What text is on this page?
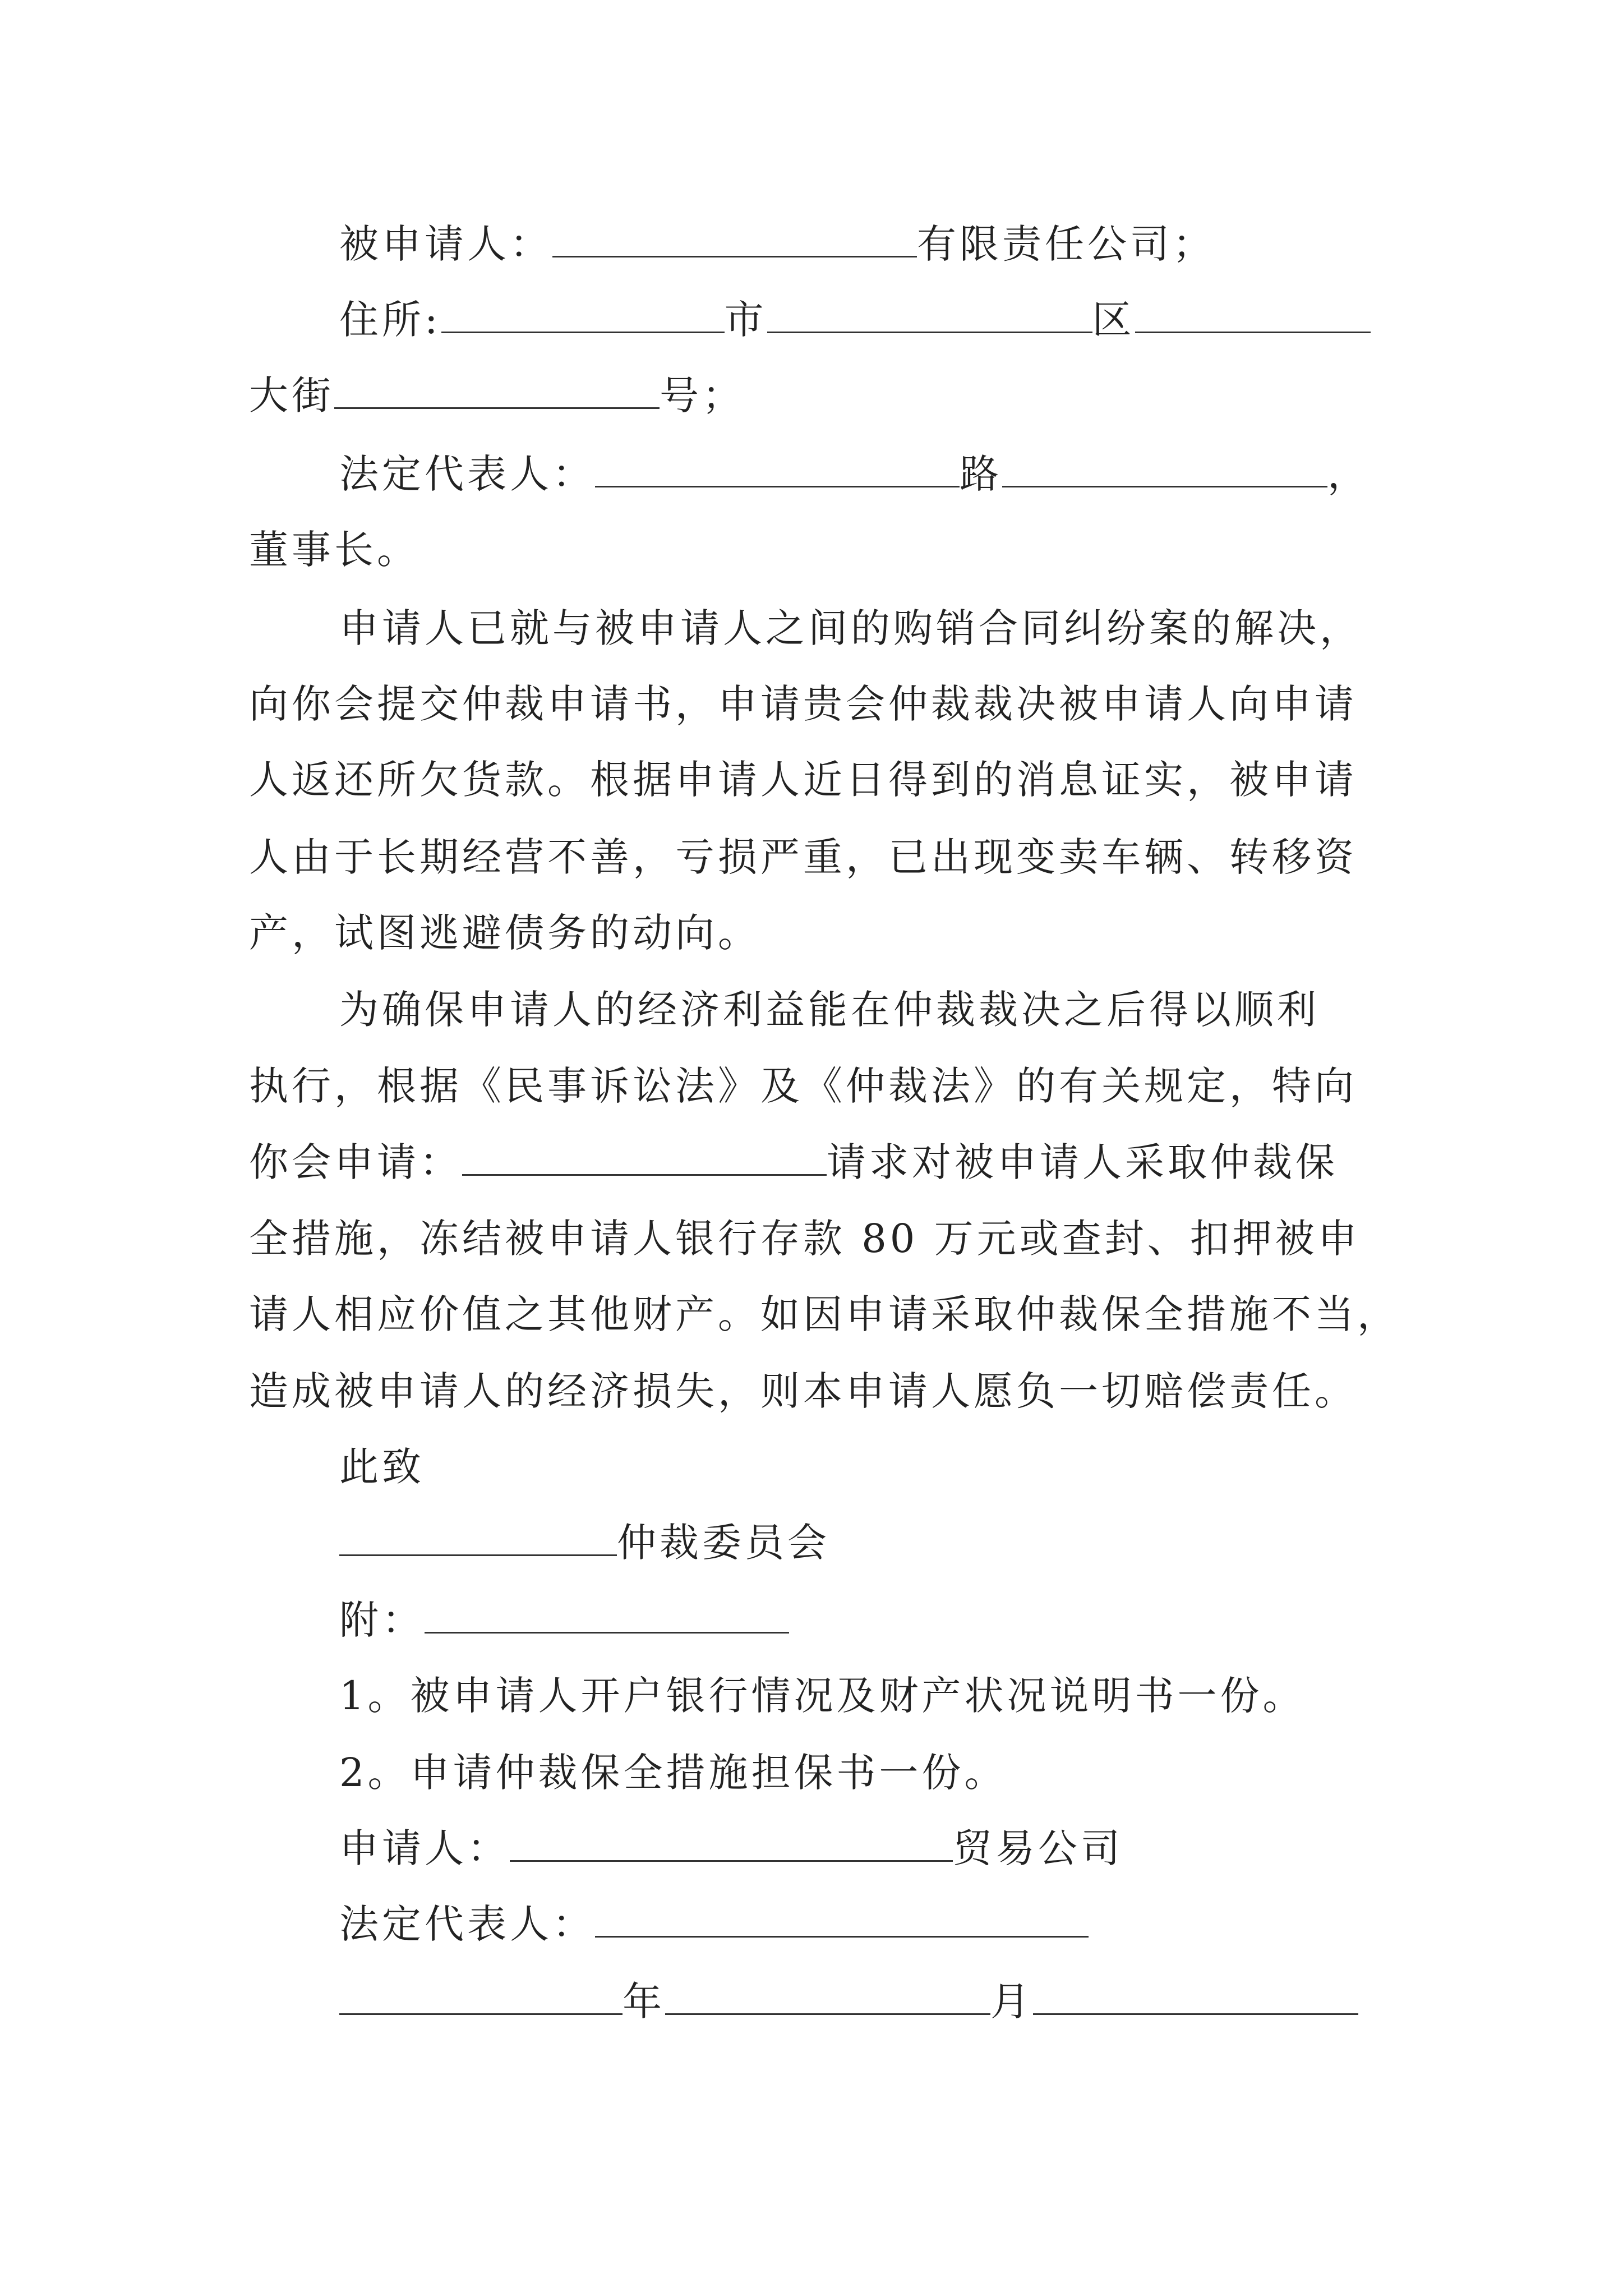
被申请人：	有限责任公司；
住所:	市	区
大街	号；
法定代表人：	路	，
董事长。
申请人已就与被申请人之间的购销合同纠纷案的解决，
向你会提交仲裁申请书，申请贵会仲裁裁决被申请人向申请
人返还所欠货款。根据申请人近日得到的消息证实，被申请
人由于长期经营不善，亏损严重，已出现变卖车辆、转移资
产，试图逃避债务的动向。
为确保申请人的经济利益能在仲裁裁决之后得以顺利
执行，根据《民事诉讼法》及《仲裁法》的有关规定，特向
你会申请：	请求对被申请人采取仲裁保
全措施，冻结被申请人银行存款 80 万元或查封、扣押被申
请人相应价值之其他财产。如因申请采取仲裁保全措施不当，
造成被申请人的经济损失，则本申请人愿负一切赔偿责任。
此致
仲裁委员会
附：
1。被申请人开户银行情况及财产状况说明书一份。
2。申请仲裁保全措施担保书一份。
申请人：	贸易公司
法定代表人：
年	月
